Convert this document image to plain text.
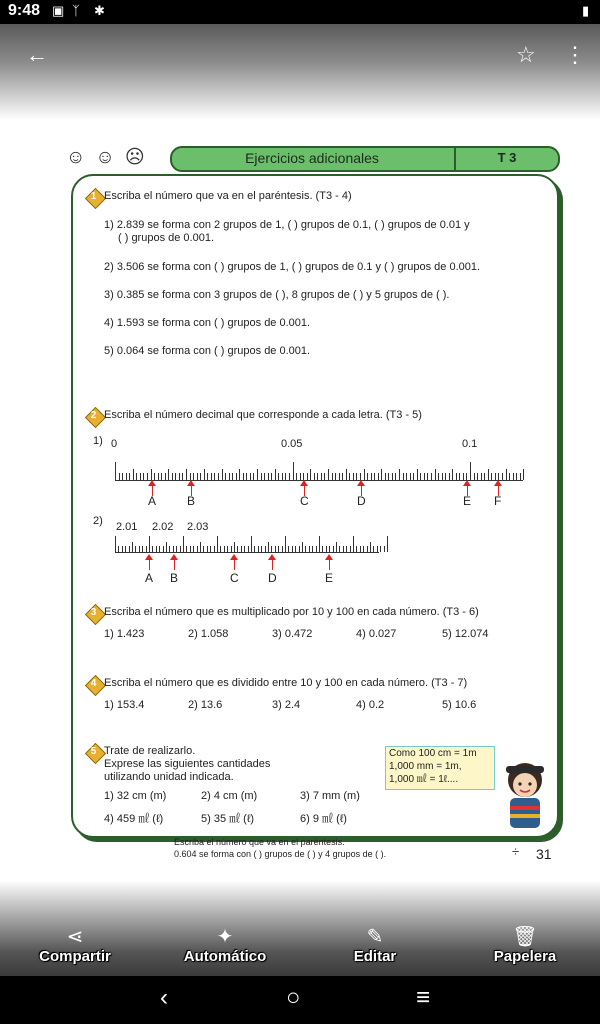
9:48 ▣ ᛉ ✱	▮
←	☆ ⋮
☺☺☹	Ejercicios adicionales	T 3
1 Escriba el número que va en el paréntesis. (T3 - 4)
1) 2.839 se forma con 2 grupos de 1, ( ) grupos de 0.1, ( ) grupos de 0.01 y
( ) grupos de 0.001.
2) 3.506 se forma con ( ) grupos de 1, ( ) grupos de 0.1 y ( ) grupos de 0.001.
3) 0.385 se forma con 3 grupos de ( ), 8 grupos de ( ) y 5 grupos de ( ).
4) 1.593 se forma con ( ) grupos de 0.001.
5) 0.064 se forma con ( ) grupos de 0.001.
2 Escriba el número decimal que corresponde a cada letra. (T3 - 5)
1) 0	0.05	0.1
A	B	C	D	E F
2) 2.01 2.02 2.03
A B	C D	E
3 Escriba el número que es multiplicado por 10 y 100 en cada número. (T3 - 6)
1) 1.423	2) 1.058	3) 0.472	4) 0.027	5) 12.074
4 Escriba el número que es dividido entre 10 y 100 en cada número. (T3 - 7)
1) 153.4	2) 13.6	3) 2.4	4) 0.2	5) 10.6
5 Trate de realizarlo.
Exprese las siguientes cantidades
utilizando unidad indicada.
1) 32 cm (m)	2) 4 cm (m)	3) 7 mm (m)
4) 459 ㎖ (ℓ)	5) 35 ㎖ (ℓ)	6) 9 ㎖ (ℓ)
Como 100 cm = 1m
1,000 mm = 1m,
1,000 ㎖ = 1ℓ....
Escriba el número que va en el paréntesis.
0.604 se forma con ( ) grupos de ( ) y 4 grupos de ( ).	÷ 31
⋖
Compartir
✦
Automático
✎
Editar
🗑
Papelera
‹	○	≡
